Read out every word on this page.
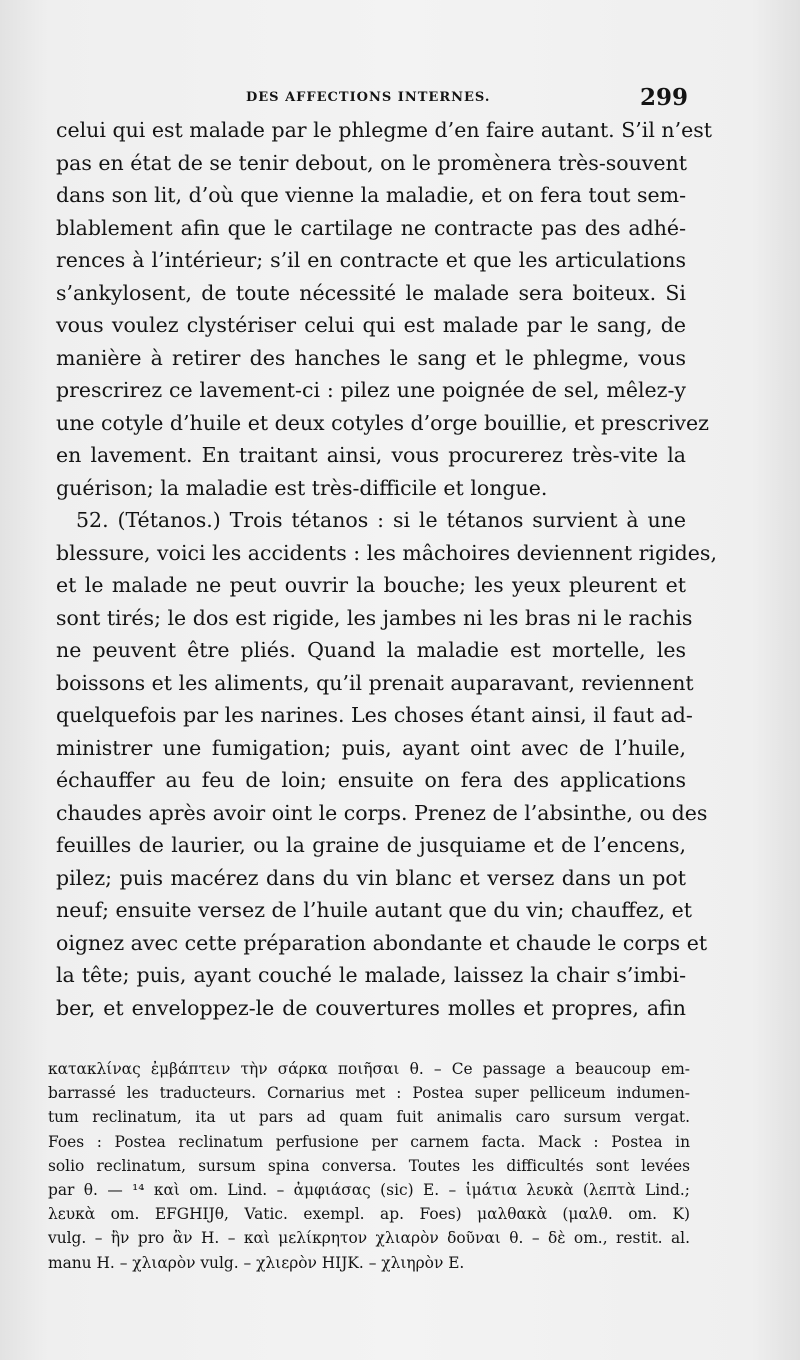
DES AFFECTIONS INTERNES.	299
celui qui est malade par le phlegme d’en faire autant. S’il n’est
pas en état de se tenir debout, on le promènera très-souvent
dans son lit, d’où que vienne la maladie, et on fera tout sem-
blablement afin que le cartilage ne contracte pas des adhé-
rences à l’intérieur; s’il en contracte et que les articulations
s’ankylosent, de toute nécessité le malade sera boiteux. Si
vous voulez clystériser celui qui est malade par le sang, de
manière à retirer des hanches le sang et le phlegme, vous
prescrirez ce lavement-ci : pilez une poignée de sel, mêlez-y
une cotyle d’huile et deux cotyles d’orge bouillie, et prescrivez
en lavement. En traitant ainsi, vous procurerez très-vite la
guérison; la maladie est très-difficile et longue.
52. (Tétanos.) Trois tétanos : si le tétanos survient à une
blessure, voici les accidents : les mâchoires deviennent rigides,
et le malade ne peut ouvrir la bouche; les yeux pleurent et
sont tirés; le dos est rigide, les jambes ni les bras ni le rachis
ne peuvent être pliés. Quand la maladie est mortelle, les
boissons et les aliments, qu’il prenait auparavant, reviennent
quelquefois par les narines. Les choses étant ainsi, il faut ad-
ministrer une fumigation; puis, ayant oint avec de l’huile,
échauffer au feu de loin; ensuite on fera des applications
chaudes après avoir oint le corps. Prenez de l’absinthe, ou des
feuilles de laurier, ou la graine de jusquiame et de l’encens,
pilez; puis macérez dans du vin blanc et versez dans un pot
neuf; ensuite versez de l’huile autant que du vin; chauffez, et
oignez avec cette préparation abondante et chaude le corps et
la tête; puis, ayant couché le malade, laissez la chair s’imbi-
ber, et enveloppez-le de couvertures molles et propres, afin
κατακλίνας ἐμβάπτειν τὴν σάρκα ποιῆσαι θ. – Ce passage a beaucoup em-
barrassé les traducteurs. Cornarius met : Postea super pelliceum indumen-
tum reclinatum, ita ut pars ad quam fuit animalis caro sursum vergat.
Foes : Postea reclinatum perfusione per carnem facta. Mack : Postea in
solio reclinatum, sursum spina conversa. Toutes les difficultés sont levées
par θ. — ¹⁴ καὶ om. Lind. – ἀμφιάσας (sic) E. – ἱμάτια λευκὰ (λεπτὰ Lind.;
λευκὰ om. EFGHIJθ, Vatic. exempl. ap. Foes) μαλθακὰ (μαλθ. om. K)
vulg. – ἢν pro ἂν H. – καὶ μελίκρητον χλιαρὸν δοῦναι θ. – δὲ om., restit. al.
manu H. – χλιαρὸν vulg. – χλιερὸν HIJK. – χλιηρὸν E.
